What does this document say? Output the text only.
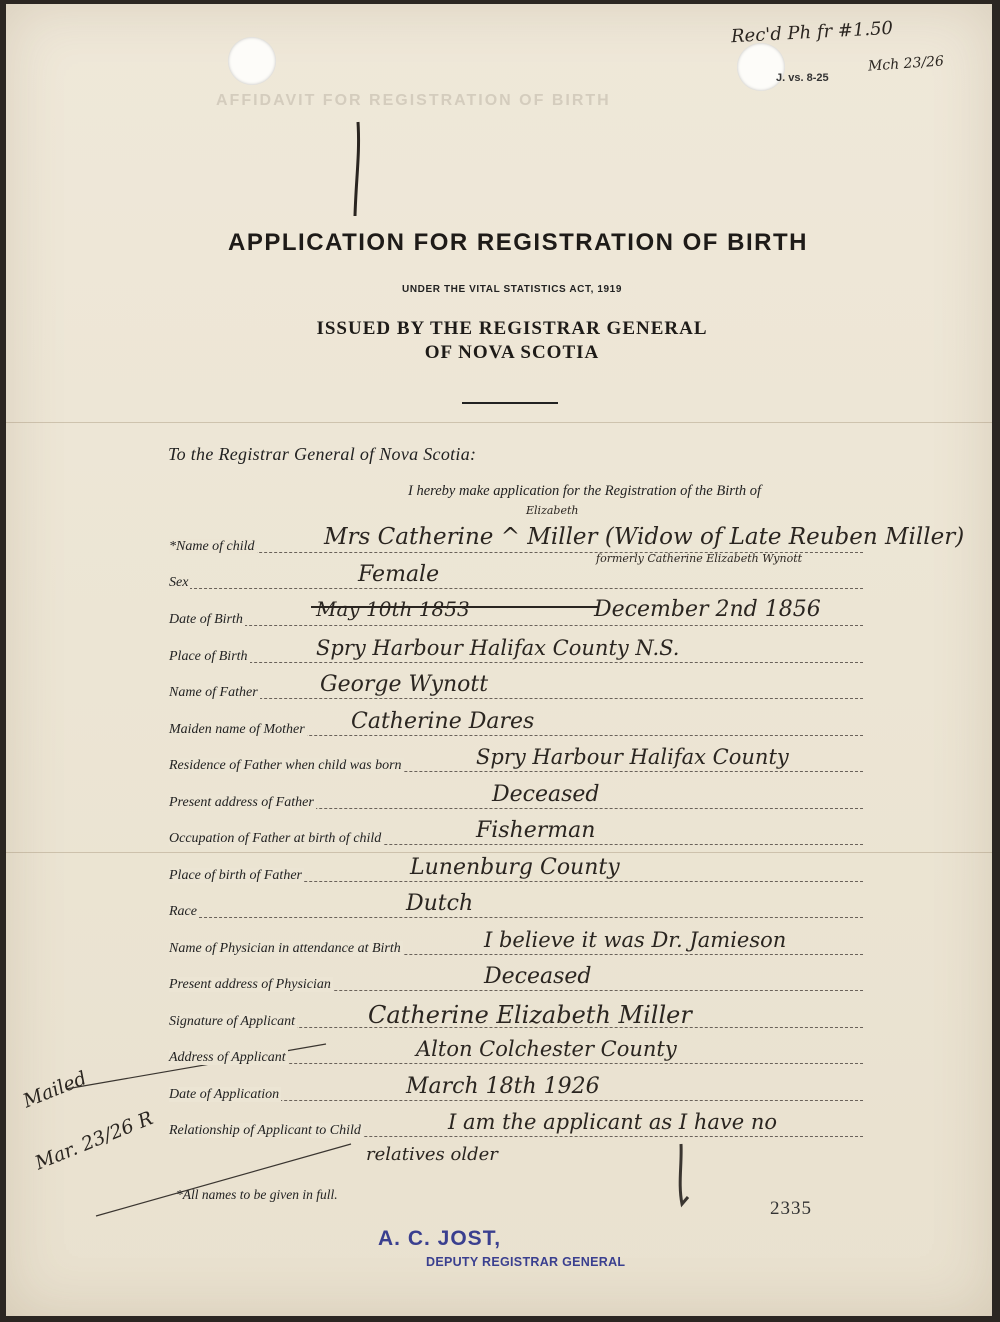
AFFIDAVIT FOR REGISTRATION OF BIRTH
J. vs. 8-25
APPLICATION FOR REGISTRATION OF BIRTH
UNDER THE VITAL STATISTICS ACT, 1919
ISSUED BY THE REGISTRAR GENERAL
OF NOVA SCOTIA
To the Registrar General of Nova Scotia:
I hereby make application for the Registration of the Birth of
*Name of child
Sex
Date of Birth
Place of Birth
Name of Father
Maiden name of Mother
Residence of Father when child was born
Present address of Father
Occupation of Father at birth of child
Place of birth of Father
Race
Name of Physician in attendance at Birth
Present address of Physician
Signature of Applicant
Address of Applicant
Date of Application
Relationship of Applicant to Child
Mrs Catherine ^ Miller (Widow of Late Reuben Miller)
Elizabeth
formerly Catherine Elizabeth Wynott
Female
May 10th 1853	December 2nd 1856
Spry Harbour Halifax County N.S.
George Wynott
Catherine Dares
Spry Harbour Halifax County
Deceased
Fisherman
Lunenburg County
Dutch
I believe it was Dr. Jamieson
Deceased
Catherine Elizabeth Miller
Alton Colchester County
March 18th 1926
I am the applicant as I have no
relatives older
Rec'd Ph fr #1.50
Mch 23/26
Mailed
Mar. 23/26 R
*All names to be given in full.
2335
A. C. JOST,
DEPUTY REGISTRAR GENERAL
